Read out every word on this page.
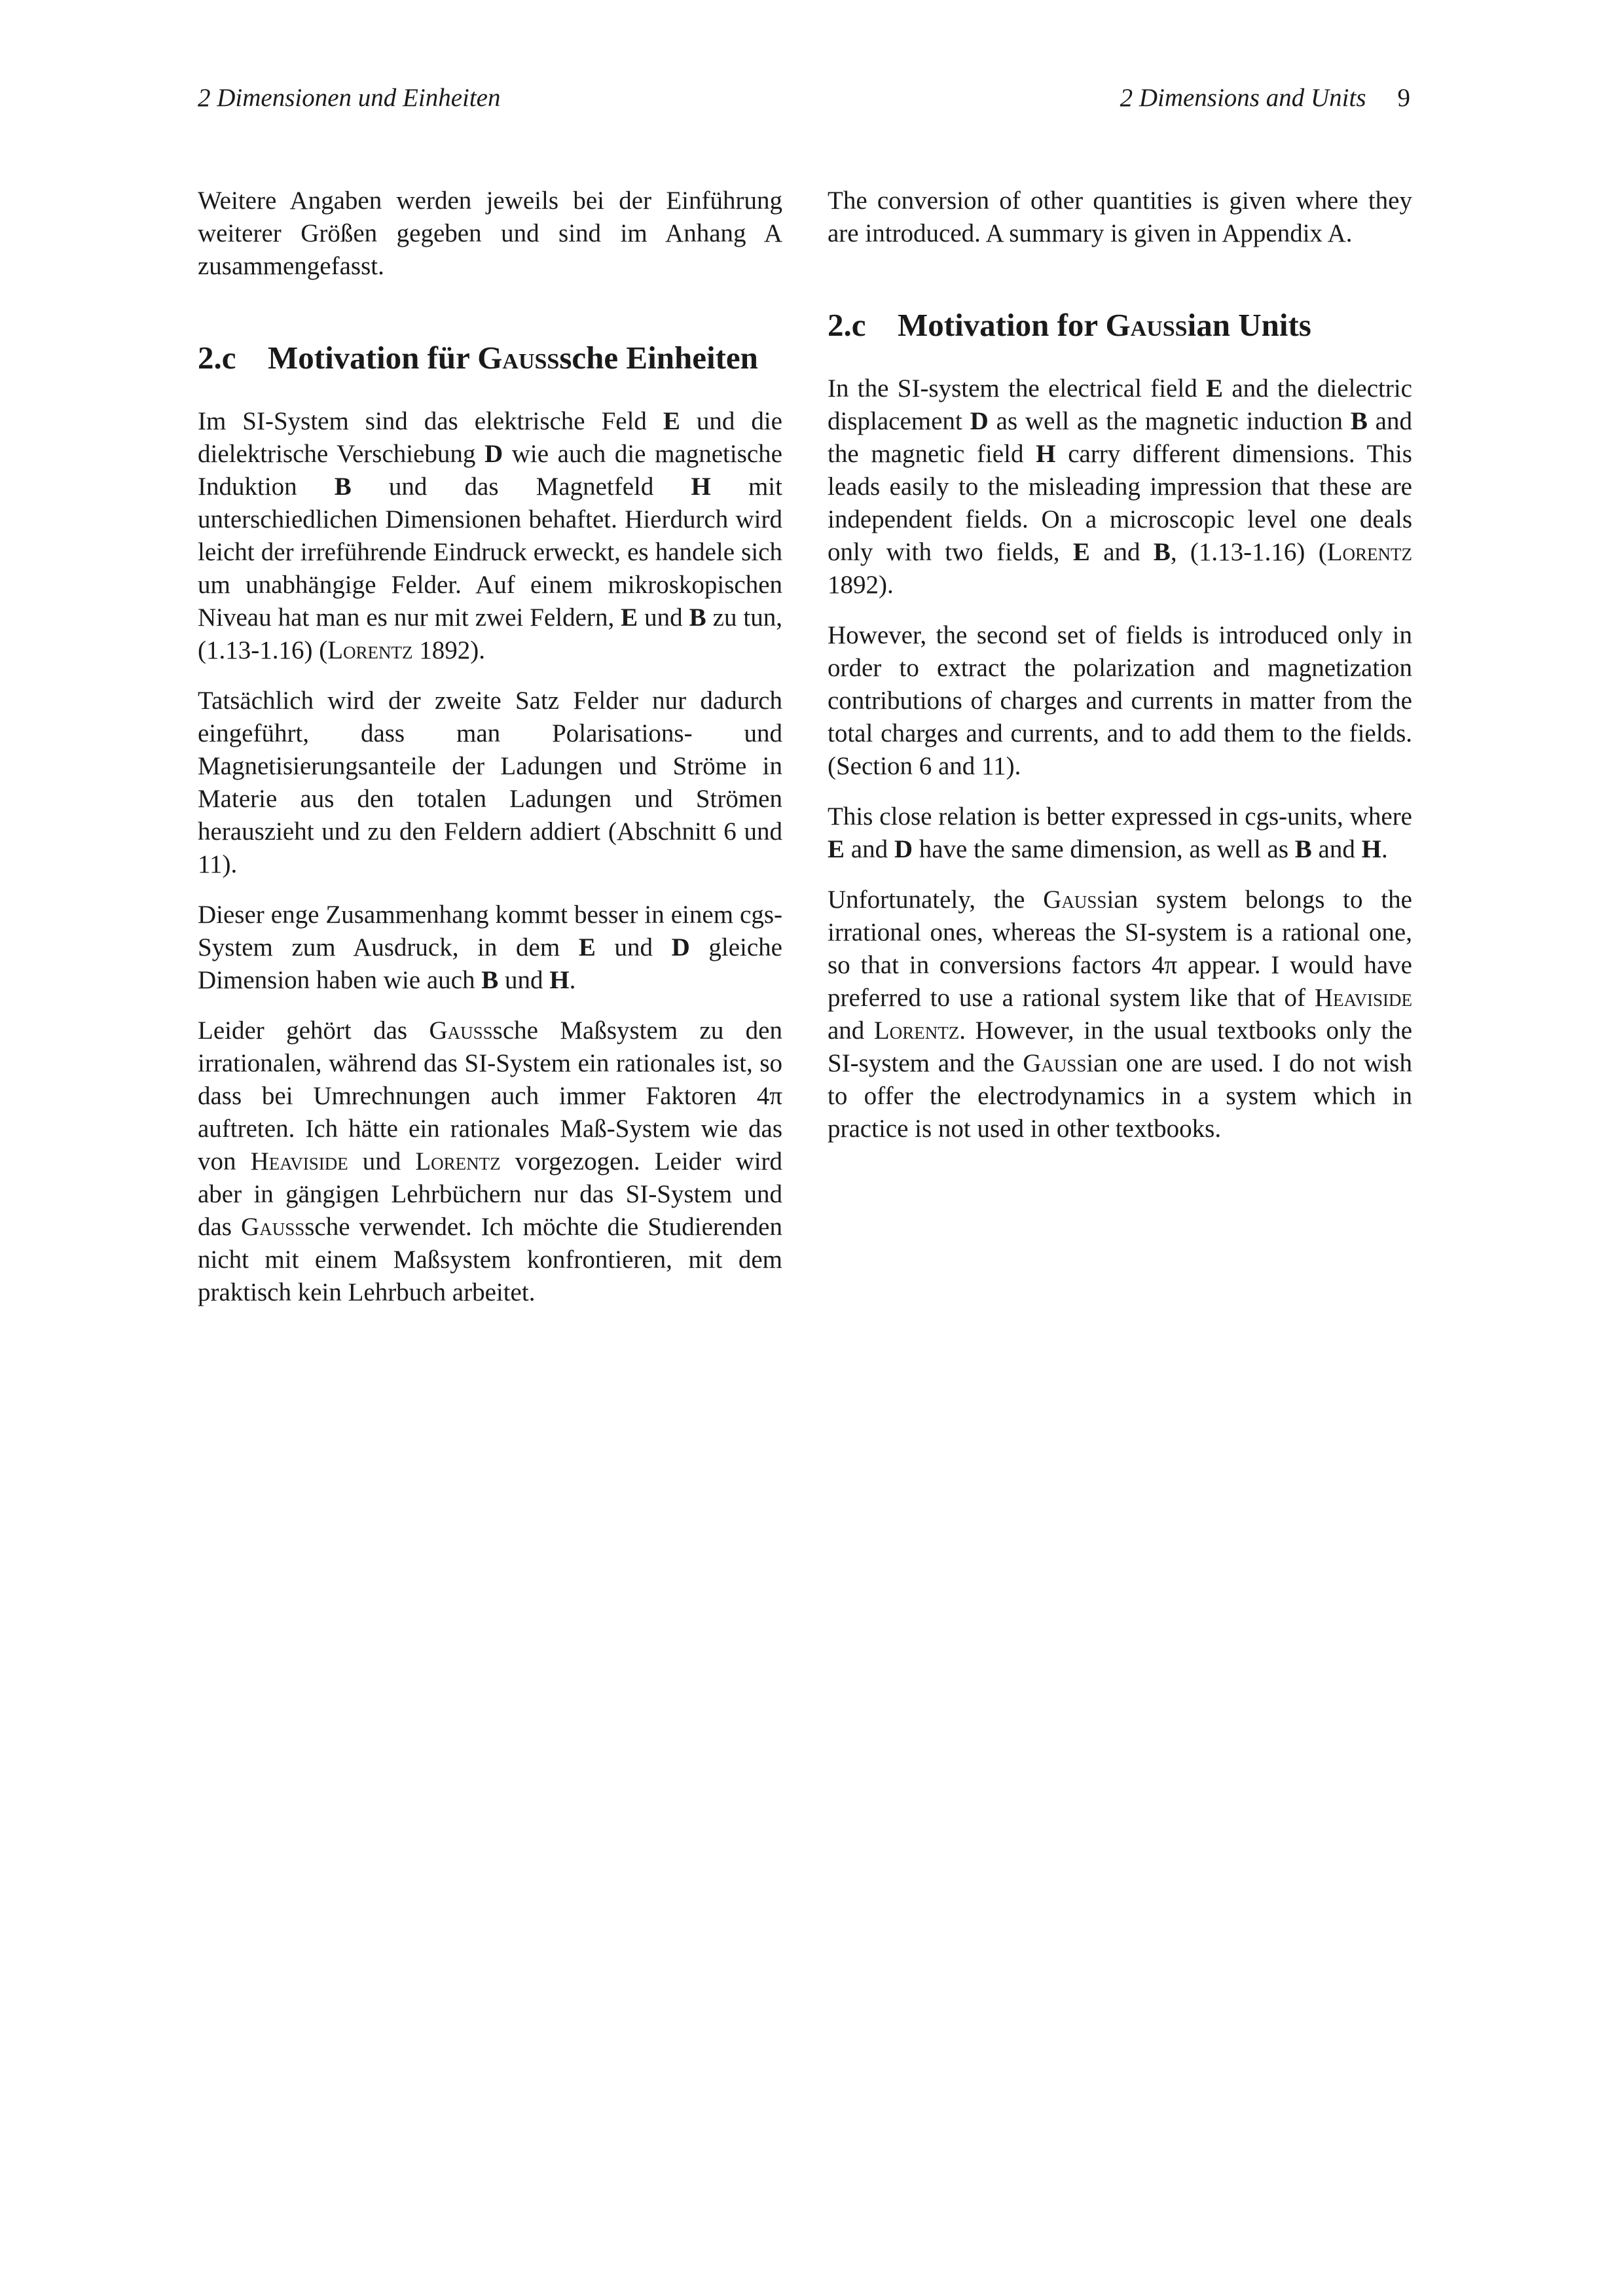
2 Dimensionen und Einheiten	2 Dimensions and Units 9

Weitere Angaben werden jeweils bei der Einführung weiterer Größen gegeben und sind im Anhang A zusammengefasst.

2.c Motivation für Gausssche Einheiten

Im SI-System sind das elektrische Feld E und die dielektrische Verschiebung D wie auch die magnetische Induktion B und das Magnetfeld H mit unterschiedlichen Dimensionen behaftet. Hierdurch wird leicht der irreführende Eindruck erweckt, es handele sich um unabhängige Felder. Auf einem mikroskopischen Niveau hat man es nur mit zwei Feldern, E und B zu tun, (1.13-1.16) (Lorentz 1892).

Tatsächlich wird der zweite Satz Felder nur dadurch eingeführt, dass man Polarisations- und Magnetisierungsanteile der Ladungen und Ströme in Materie aus den totalen Ladungen und Strömen herauszieht und zu den Feldern addiert (Abschnitt 6 und 11).

Dieser enge Zusammenhang kommt besser in einem cgs-System zum Ausdruck, in dem E und D gleiche Dimension haben wie auch B und H.

Leider gehört das Gausssche Maßsystem zu den irrationalen, während das SI-System ein rationales ist, so dass bei Umrechnungen auch immer Faktoren 4π auftreten. Ich hätte ein rationales Maß-System wie das von Heaviside und Lorentz vorgezogen. Leider wird aber in gängigen Lehrbüchern nur das SI-System und das Gausssche verwendet. Ich möchte die Studierenden nicht mit einem Maßsystem konfrontieren, mit dem praktisch kein Lehrbuch arbeitet.

The conversion of other quantities is given where they are introduced. A summary is given in Appendix A.

2.c Motivation for Gaussian Units

In the SI-system the electrical field E and the dielectric displacement D as well as the magnetic induction B and the magnetic field H carry different dimensions. This leads easily to the misleading impression that these are independent fields. On a microscopic level one deals only with two fields, E and B, (1.13-1.16) (Lorentz 1892).

However, the second set of fields is introduced only in order to extract the polarization and magnetization contributions of charges and currents in matter from the total charges and currents, and to add them to the fields. (Section 6 and 11).

This close relation is better expressed in cgs-units, where E and D have the same dimension, as well as B and H.

Unfortunately, the Gaussian system belongs to the irrational ones, whereas the SI-system is a rational one, so that in conversions factors 4π appear. I would have preferred to use a rational system like that of Heaviside and Lorentz. However, in the usual textbooks only the SI-system and the Gaussian one are used. I do not wish to offer the electrodynamics in a system which in practice is not used in other textbooks.
